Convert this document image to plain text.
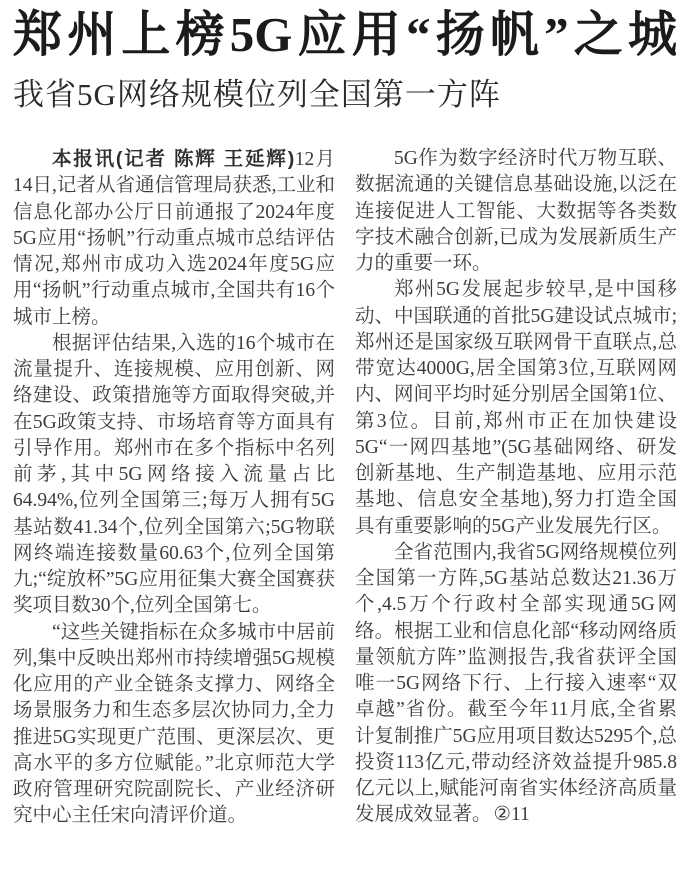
郑州上榜5G应用“扬帆”之城
我省5G网络规模位列全国第一方阵

本报讯(记者 陈辉 王延辉)12月14日,记者从省通信管理局获悉,工业和信息化部办公厅日前通报了2024年度5G应用“扬帆”行动重点城市总结评估情况,郑州市成功入选2024年度5G应用“扬帆”行动重点城市,全国共有16个城市上榜。

根据评估结果,入选的16个城市在流量提升、连接规模、应用创新、网络建设、政策措施等方面取得突破,并在5G政策支持、市场培育等方面具有引导作用。郑州市在多个指标中名列前茅,其中5G网络接入流量占比64.94%,位列全国第三;每万人拥有5G基站数41.34个,位列全国第六;5G物联网终端连接数量60.63个,位列全国第九;“绽放杯”5G应用征集大赛全国赛获奖项目数30个,位列全国第七。

“这些关键指标在众多城市中居前列,集中反映出郑州市持续增强5G规模化应用的产业全链条支撑力、网络全场景服务力和生态多层次协同力,全力推进5G实现更广范围、更深层次、更高水平的多方位赋能。”北京师范大学政府管理研究院副院长、产业经济研究中心主任宋向清评价道。

5G作为数字经济时代万物互联、数据流通的关键信息基础设施,以泛在连接促进人工智能、大数据等各类数字技术融合创新,已成为发展新质生产力的重要一环。

郑州5G发展起步较早,是中国移动、中国联通的首批5G建设试点城市;郑州还是国家级互联网骨干直联点,总带宽达4000G,居全国第3位,互联网网内、网间平均时延分别居全国第1位、第3位。目前,郑州市正在加快建设5G“一网四基地”(5G基础网络、研发创新基地、生产制造基地、应用示范基地、信息安全基地),努力打造全国具有重要影响的5G产业发展先行区。

全省范围内,我省5G网络规模位列全国第一方阵,5G基站总数达21.36万个,4.5万个行政村全部实现通5G网络。根据工业和信息化部“移动网络质量领航方阵”监测报告,我省获评全国唯一5G网络下行、上行接入速率“双卓越”省份。截至今年11月底,全省累计复制推广5G应用项目数达5295个,总投资113亿元,带动经济效益提升985.8亿元以上,赋能河南省实体经济高质量发展成效显著。 ②11
